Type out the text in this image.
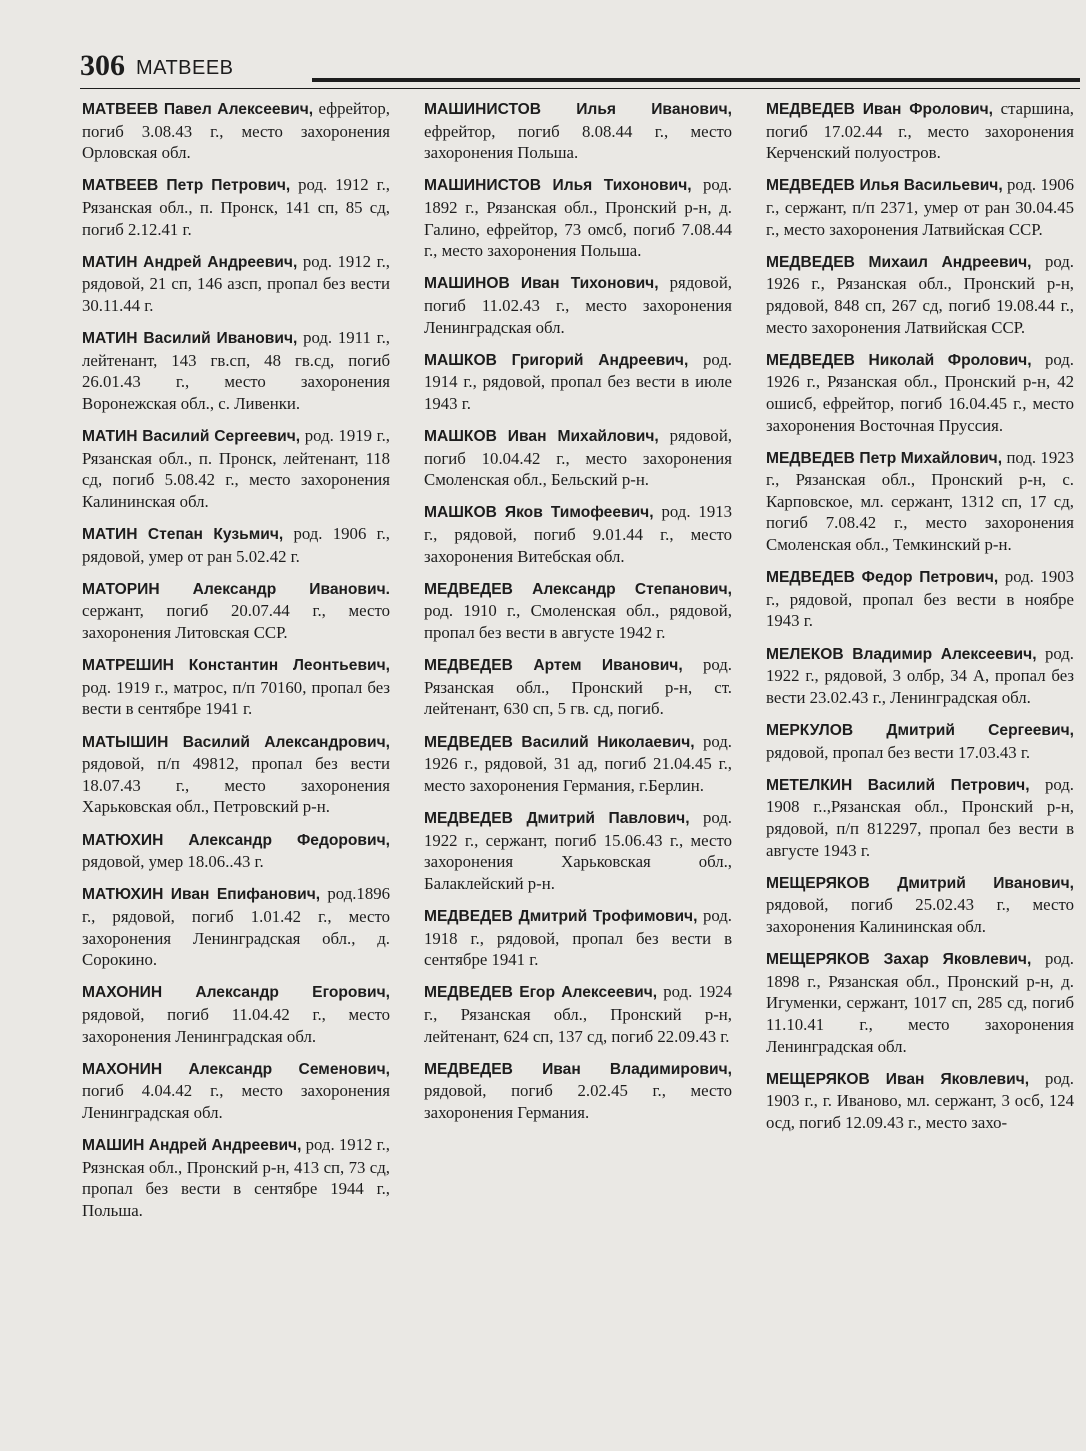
306 МАТВЕЕВ

МАТВЕЕВ Павел Алексеевич, ефрейтор, погиб 3.08.43 г., место захоронения Орловская обл.

МАТВЕЕВ Петр Петрович, род. 1912 г., Рязанская обл., п. Пронск, 141 сп, 85 сд, погиб 2.12.41 г.

МАТИН Андрей Андреевич, род. 1912 г., рядовой, 21 сп, 146 азсп, пропал без вести 30.11.44 г.

МАТИН Василий Иванович, род. 1911 г., лейтенант, 143 гв.сп, 48 гв.сд, погиб 26.01.43 г., место захоронения Воронежская обл., с. Ливенки.

МАТИН Василий Сергеевич, род. 1919 г., Рязанская обл., п. Пронск, лейтенант, 118 сд, погиб 5.08.42 г., место захоронения Калининская обл.

МАТИН Степан Кузьмич, род. 1906 г., рядовой, умер от ран 5.02.42 г.

МАТОРИН Александр Иванович. сержант, погиб 20.07.44 г., место захоронения Литовская ССР.

МАТРЕШИН Константин Леонтьевич, род. 1919 г., матрос, п/п 70160, пропал без вести в сентябре 1941 г.

МАТЫШИН Василий Александрович, рядовой, п/п 49812, пропал без вести 18.07.43 г., место захоронения Харьковская обл., Петровский р-н.

МАТЮХИН Александр Федорович, рядовой, умер 18.06..43 г.

МАТЮХИН Иван Епифанович, род.1896 г., рядовой, погиб 1.01.42 г., место захоронения Ленинградская обл., д. Сорокино.

МАХОНИН Александр Егорович, рядовой, погиб 11.04.42 г., место захоронения Ленинградская обл.

МАХОНИН Александр Семенович, погиб 4.04.42 г., место захоронения Ленинградская обл.

МАШИН Андрей Андреевич, род. 1912 г., Рязнская обл., Пронский р-н, 413 сп, 73 сд, пропал без вести в сентябре 1944 г., Польша.

МАШИНИСТОВ Илья Иванович, ефрейтор, погиб 8.08.44 г., место захоронения Польша.

МАШИНИСТОВ Илья Тихонович, род. 1892 г., Рязанская обл., Пронский р-н, д. Галино, ефрейтор, 73 омсб, погиб 7.08.44 г., место захоронения Польша.

МАШИНОВ Иван Тихонович, рядовой, погиб 11.02.43 г., место захоронения Ленинградская обл.

МАШКОВ Григорий Андреевич, род. 1914 г., рядовой, пропал без вести в июле 1943 г.

МАШКОВ Иван Михайлович, рядовой, погиб 10.04.42 г., место захоронения Смоленская обл., Бельский р-н.

МАШКОВ Яков Тимофеевич, род. 1913 г., рядовой, погиб 9.01.44 г., место захоронения Витебская обл.

МЕДВЕДЕВ Александр Степанович, род. 1910 г., Смоленская обл., рядовой, пропал без вести в августе 1942 г.

МЕДВЕДЕВ Артем Иванович, род. Рязанская обл., Пронский р-н, ст. лейтенант, 630 сп, 5 гв. сд, погиб.

МЕДВЕДЕВ Василий Николаевич, род. 1926 г., рядовой, 31 ад, погиб 21.04.45 г., место захоронения Германия, г.Берлин.

МЕДВЕДЕВ Дмитрий Павлович, род. 1922 г., сержант, погиб 15.06.43 г., место захоронения Харьковская обл., Балаклейский р-н.

МЕДВЕДЕВ Дмитрий Трофимович, род. 1918 г., рядовой, пропал без вести в сентябре 1941 г.

МЕДВЕДЕВ Егор Алексеевич, род. 1924 г., Рязанская обл., Пронский р-н, лейтенант, 624 сп, 137 сд, погиб 22.09.43 г.

МЕДВЕДЕВ Иван Владимирович, рядовой, погиб 2.02.45 г., место захоронения Германия.

МЕДВЕДЕВ Иван Фролович, старшина, погиб 17.02.44 г., место захоронения Керченский полуостров.

МЕДВЕДЕВ Илья Васильевич, род. 1906 г., сержант, п/п 2371, умер от ран 30.04.45 г., место захоронения Латвийская ССР.

МЕДВЕДЕВ Михаил Андреевич, род. 1926 г., Рязанская обл., Пронский р-н, рядовой, 848 сп, 267 сд, погиб 19.08.44 г., место захоронения Латвийская ССР.

МЕДВЕДЕВ Николай Фролович, род. 1926 г., Рязанская обл., Пронский р-н, 42 ошисб, ефрейтор, погиб 16.04.45 г., место захоронения Восточная Пруссия.

МЕДВЕДЕВ Петр Михайлович, под. 1923 г., Рязанская обл., Пронский р-н, с. Карповское, мл. сержант, 1312 сп, 17 сд, погиб 7.08.42 г., место захоронения Смоленская обл., Темкинский р-н.

МЕДВЕДЕВ Федор Петрович, род. 1903 г., рядовой, пропал без вести в ноябре 1943 г.

МЕЛЕКОВ Владимир Алексеевич, род. 1922 г., рядовой, 3 олбр, 34 А, пропал без вести 23.02.43 г., Ленинградская обл.

МЕРКУЛОВ Дмитрий Сергеевич, рядовой, пропал без вести 17.03.43 г.

МЕТЕЛКИН Василий Петрович, род. 1908 г..,Рязанская обл., Пронский р-н, рядовой, п/п 812297, пропал без вести в августе 1943 г.

МЕЩЕРЯКОВ Дмитрий Иванович, рядовой, погиб 25.02.43 г., место захоронения Калининская обл.

МЕЩЕРЯКОВ Захар Яковлевич, род. 1898 г., Рязанская обл., Пронский р-н, д. Игуменки, сержант, 1017 сп, 285 сд, погиб 11.10.41 г., место захоронения Ленинградская обл.

МЕЩЕРЯКОВ Иван Яковлевич, род. 1903 г., г. Иваново, мл. сержант, 3 осб, 124 осд, погиб 12.09.43 г., место захо-
